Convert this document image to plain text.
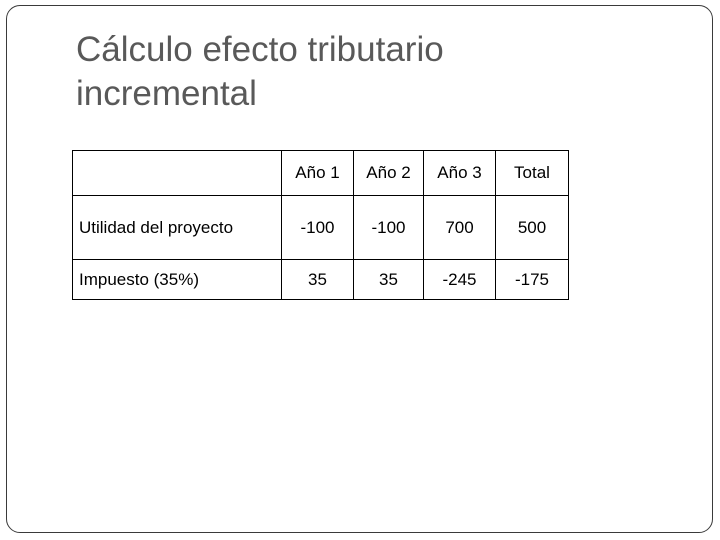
Cálculo efecto tributario
incremental
	Año 1	Año 2	Año 3	Total
Utilidad del proyecto	-100	-100	700	500
Impuesto (35%)	35	35	-245	-175
